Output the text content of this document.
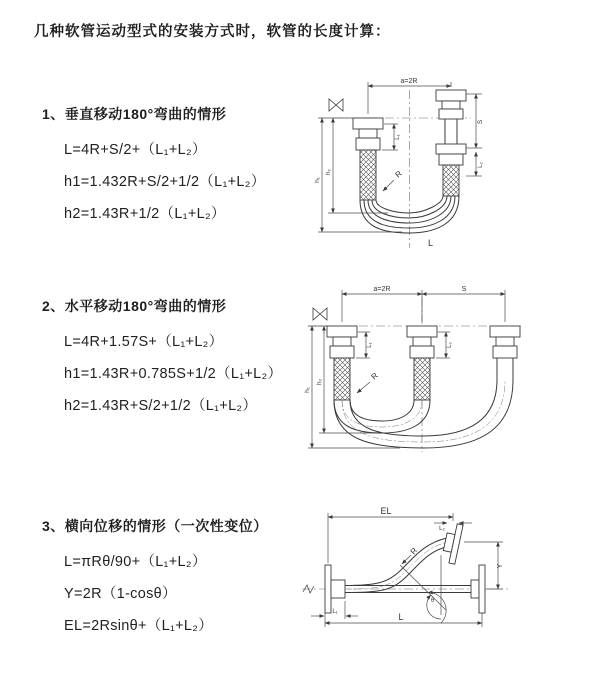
几种软管运动型式的安装方式时，软管的长度计算：
1、垂直移动180°弯曲的情形
L=4R+S/2+（L₁+L₂）
h1=1.432R+S/2+1/2（L₁+L₂）
h2=1.43R+1/2（L₁+L₂）
a=2R
h₁
h₂
L₁
S
L₂
R
L
2、水平移动180°弯曲的情形
L=4R+1.57S+（L₁+L₂）
h1=1.43R+0.785S+1/2（L₁+L₂）
h2=1.43R+S/2+1/2（L₁+L₂）
a=2R	S
h₁
h₂
L₁	L₂
R
3、横向位移的情形（一次性变位）
L=πRθ/90+（L₁+L₂）
Y=2R（1-cosθ）
EL=2Rsinθ+（L₁+L₂）
EL
L₂
Y
θ
R
L₁	L
